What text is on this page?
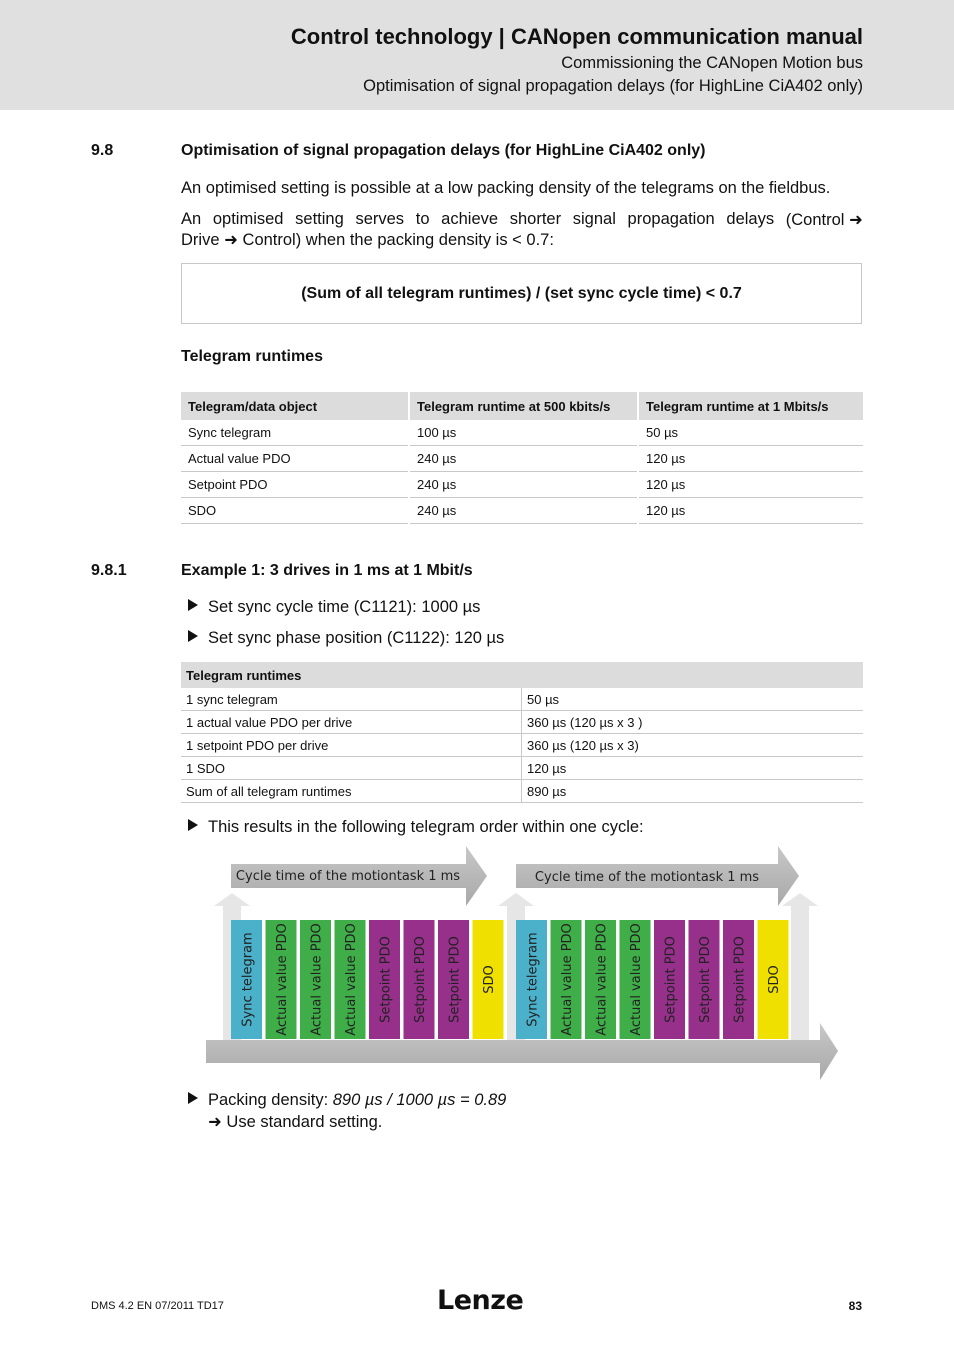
Control technology | CANopen communication manual
Commissioning the CANopen Motion bus
Optimisation of signal propagation delays (for HighLine CiA402 only)
9.8	Optimisation of signal propagation delays (for HighLine CiA402 only)
An optimised setting is possible at a low packing density of the telegrams on the fieldbus.
An optimised setting serves to achieve shorter signal propagation delays (Control ➜
Drive ➜ Control) when the packing density is < 0.7:
(Sum of all telegram runtimes) / (set sync cycle time) < 0.7
Telegram runtimes
Telegram/data object	Telegram runtime at 500 kbits/s	Telegram runtime at 1 Mbits/s
Sync telegram	100 µs	50 µs
Actual value PDO	240 µs	120 µs
Setpoint PDO	240 µs	120 µs
SDO	240 µs	120 µs
9.8.1	Example 1: 3 drives in 1 ms at 1 Mbit/s
Set sync cycle time (C1121): 1000 µs
Set sync phase position (C1122): 120 µs
Telegram runtimes	
1 sync telegram	50 µs
1 actual value PDO per drive	360 µs (120 µs x 3 )
1 setpoint PDO per drive	360 µs (120 µs x 3)
1 SDO	120 µs
Sum of all telegram runtimes	890 µs
This results in the following telegram order within one cycle:
Cycle time of the motiontask 1 ms	Cycle time of the motiontask 1 ms
Sync telegram Actual value PDO Actual value PDO Actual value PDO Setpoint PDO Setpoint PDO Setpoint PDO SDO Sync telegram Actual value PDO Actual value PDO Actual value PDO Setpoint PDO Setpoint PDO Setpoint PDO SDO
Packing density: 890 µs / 1000 µs = 0.89
➜ Use standard setting.
DMS 4.2 EN 07/2011 TD17	Lenze	83
